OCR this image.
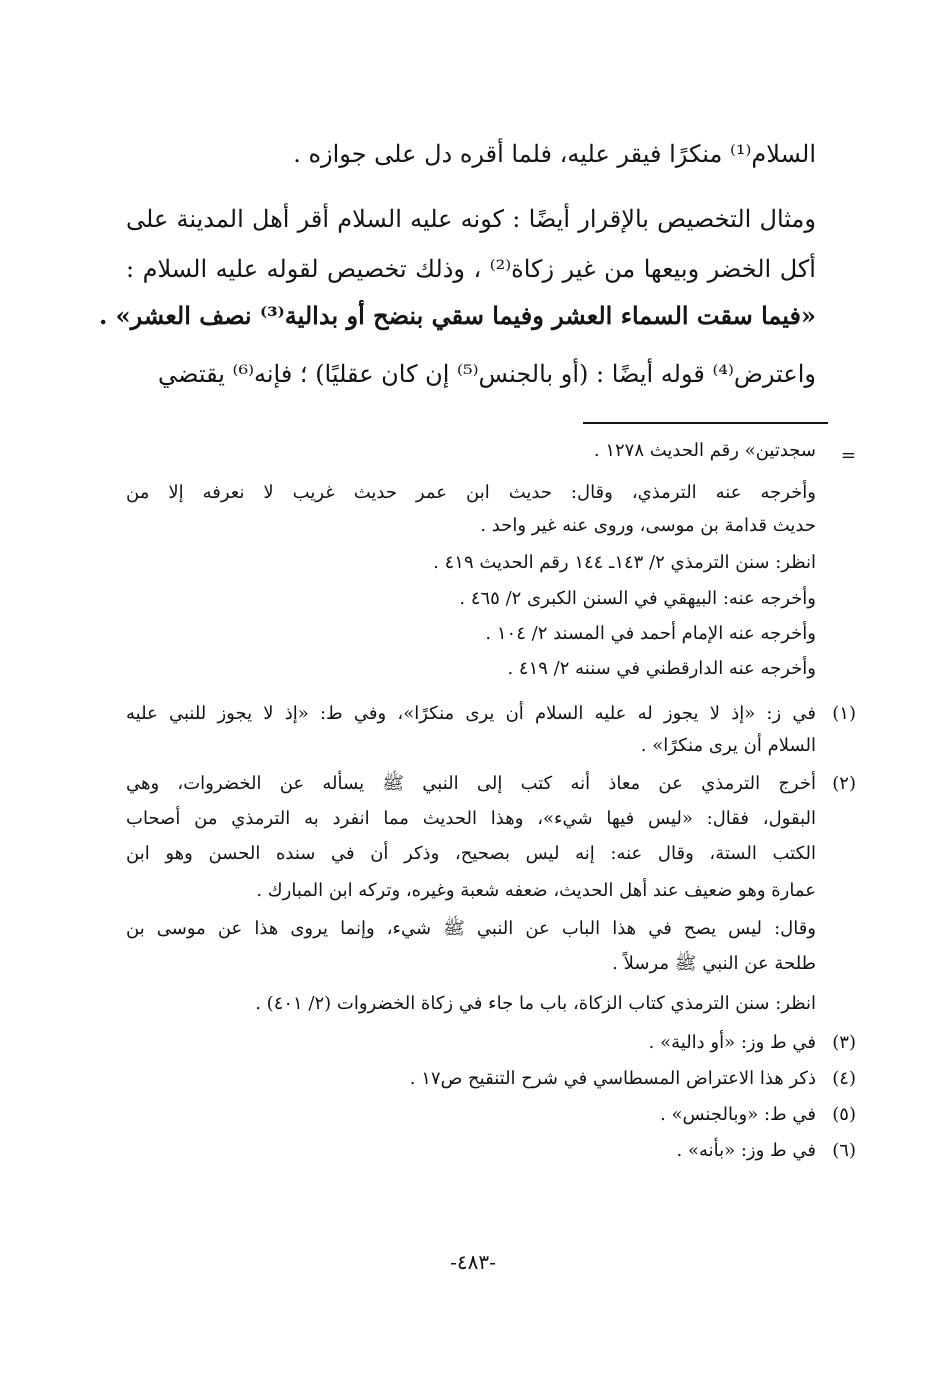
السلام⁽¹⁾ منكرًا فيقر عليه، فلما أقره دل على جوازه .
ومثال التخصيص بالإقرار أيضًا : كونه عليه السلام أقر أهل المدينة على
أكل الخضر وبيعها من غير زكاة⁽²⁾ ، وذلك تخصيص لقوله عليه السلام :
«فيما سقت السماء العشر وفيما سقي بنضح أو بدالية⁽³⁾ نصف العشر» .
واعترض⁽⁴⁾ قوله أيضًا : (أو بالجنس⁽⁵⁾ إن كان عقليًا) ؛ فإنه⁽⁶⁾ يقتضي
=
سجدتين» رقم الحديث ١٢٧٨ .
وأخرجه عنه الترمذي، وقال: حديث ابن عمر حديث غريب لا نعرفه إلا من
حديث قدامة بن موسى، وروى عنه غير واحد .
انظر: سنن الترمذي ٢/ ١٤٣ـ ١٤٤ رقم الحديث ٤١٩ .
وأخرجه عنه: البيهقي في السنن الكبرى ٢/ ٤٦٥ .
وأخرجه عنه الإمام أحمد في المسند ٢/ ١٠٤ .
وأخرجه عنه الدارقطني في سننه ٢/ ٤١٩ .
(١)
في ز: «إذ لا يجوز له عليه السلام أن يرى منكرًا»، وفي ط: «إذ لا يجوز للنبي عليه
السلام أن يرى منكرًا» .
(٢)
أخرج الترمذي عن معاذ أنه كتب إلى النبي ﷺ يسأله عن الخضروات، وهي
البقول، فقال: «ليس فيها شيء»، وهذا الحديث مما انفرد به الترمذي من أصحاب
الكتب الستة، وقال عنه: إنه ليس بصحيح، وذكر أن في سنده الحسن وهو ابن
عمارة وهو ضعيف عند أهل الحديث، ضعفه شعبة وغيره، وتركه ابن المبارك .
وقال: ليس يصح في هذا الباب عن النبي ﷺ شيء، وإنما يروى هذا عن موسى بن
طلحة عن النبي ﷺ مرسلاً .
انظر: سنن الترمذي كتاب الزكاة، باب ما جاء في زكاة الخضروات (٢/ ٤٠١) .
(٣)
في ط وز: «أو دالية» .
(٤)
ذكر هذا الاعتراض المسطاسي في شرح التنقيح ص١٧ .
(٥)
في ط: «وبالجنس» .
(٦)
في ط وز: «بأنه» .
-٤٨٣-
